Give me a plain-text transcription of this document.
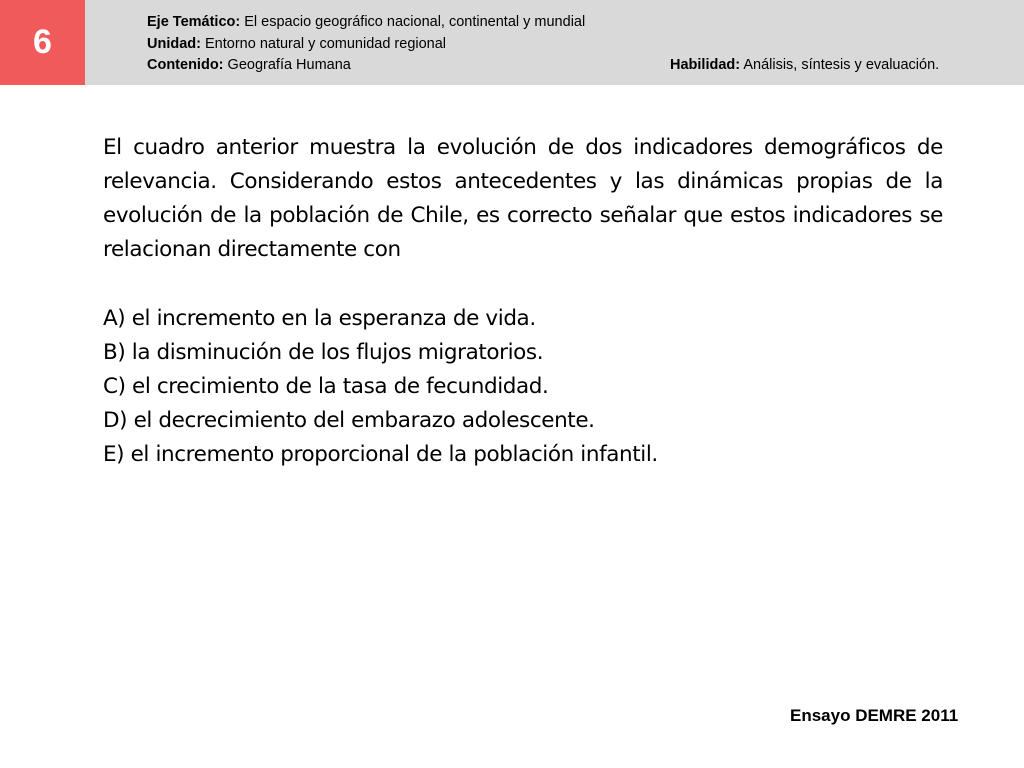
6
Eje Temático: El espacio geográfico nacional, continental y mundial
Unidad: Entorno natural y comunidad regional
Contenido: Geografía Humana	Habilidad: Análisis, síntesis y evaluación.
El cuadro anterior muestra la evolución de dos indicadores demográficos de relevancia. Considerando estos antecedentes y las dinámicas propias de la evolución de la población de Chile, es correcto señalar que estos indicadores se relacionan directamente con
A) el incremento en la esperanza de vida.
B) la disminución de los flujos migratorios.
C) el crecimiento de la tasa de fecundidad.
D) el decrecimiento del embarazo adolescente.
E) el incremento proporcional de la población infantil.
Ensayo DEMRE 2011
